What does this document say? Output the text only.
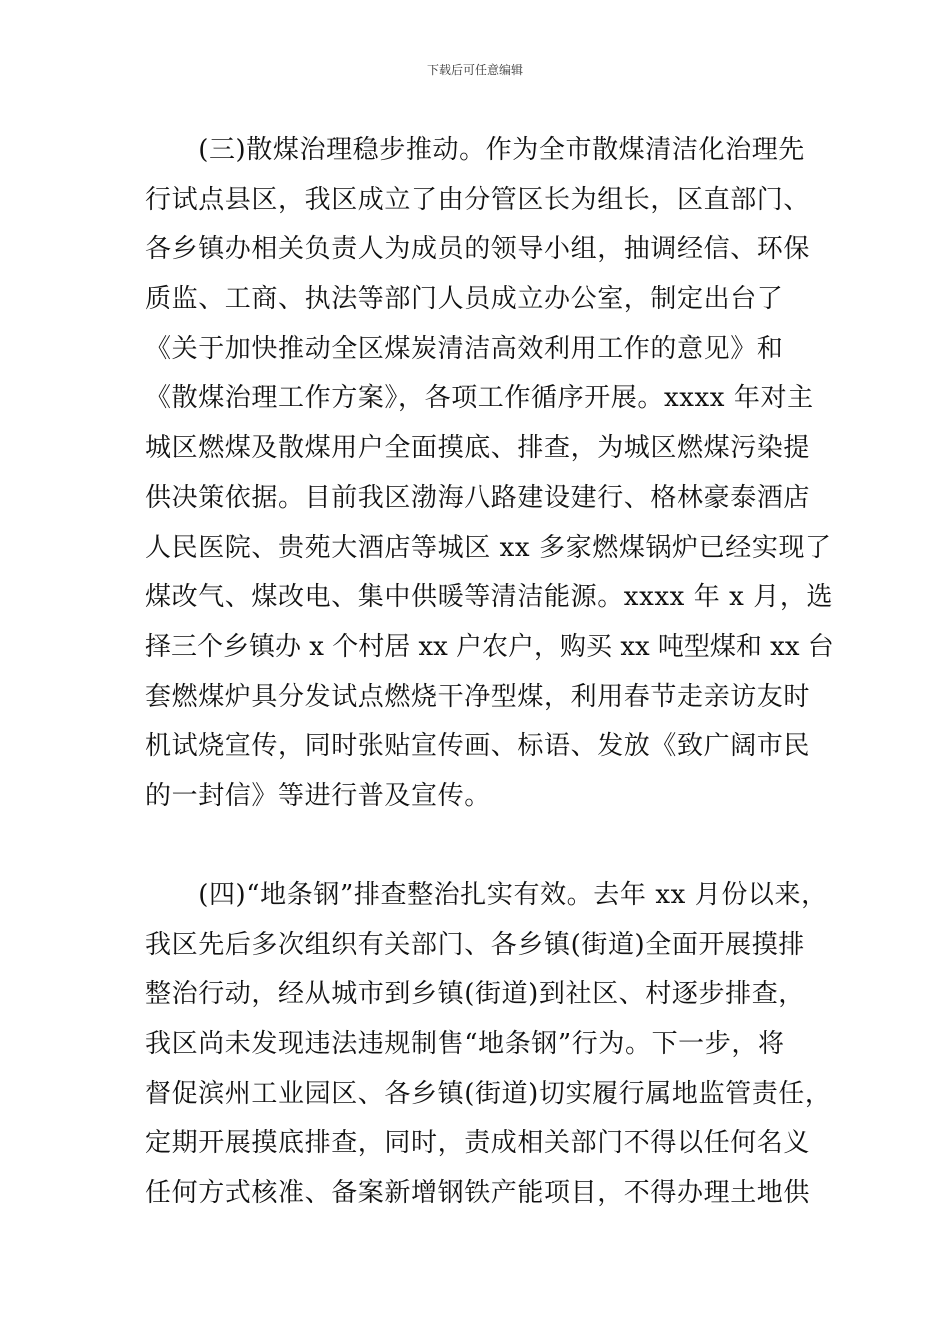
下载后可任意编辑
　　(三)散煤治理稳步推动。作为全市散煤清洁化治理先
行试点县区，我区成立了由分管区长为组长，区直部门、
各乡镇办相关负责人为成员的领导小组，抽调经信、环保
质监、工商、执法等部门人员成立办公室，制定出台了
《关于加快推动全区煤炭清洁高效利用工作的意见》和
《散煤治理工作方案》，各项工作循序开展。xxxx 年对主
城区燃煤及散煤用户全面摸底、排查，为城区燃煤污染提
供决策依据。目前我区渤海八路建设建行、格林豪泰酒店
人民医院、贵苑大酒店等城区 xx 多家燃煤锅炉已经实现了
煤改气、煤改电、集中供暖等清洁能源。xxxx 年 x 月，选
择三个乡镇办 x 个村居 xx 户农户，购买 xx 吨型煤和 xx 台
套燃煤炉具分发试点燃烧干净型煤，利用春节走亲访友时
机试烧宣传，同时张贴宣传画、标语、发放《致广阔市民
的一封信》等进行普及宣传。
　　(四)“地条钢”排查整治扎实有效。去年 xx 月份以来，
我区先后多次组织有关部门、各乡镇(街道)全面开展摸排
整治行动，经从城市到乡镇(街道)到社区、村逐步排查，
我区尚未发现违法违规制售“地条钢”行为。下一步，将
督促滨州工业园区、各乡镇(街道)切实履行属地监管责任，
定期开展摸底排查，同时，责成相关部门不得以任何名义
任何方式核准、备案新增钢铁产能项目，不得办理土地供
